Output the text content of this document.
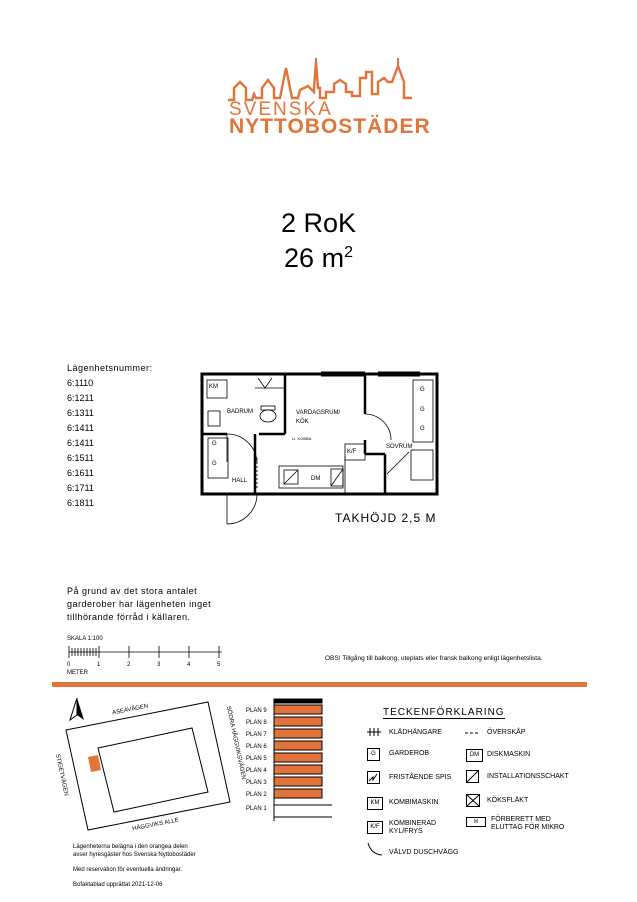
SVENSKA
NYTTOBOSTÄDER
2 RoK
26 $m^2$
Lägenhetsnummer:
6:1110
6:1211
6:1311
6:1411
6:1411
6:1511
6:1611
6:1711
6:1811
KM
BADRUM	VARDAGSRUM/
KÖK
LI. KOBBA
SOVRUM
HALL
G
G
G
G
G
K/F
DM
TAKHÖJD 2,5 M
På grund av det stora antalet
garderober har lägenheten inget
tillhörande förråd i källaren.
SKALA 1:100
0	1	2	3	4	5
METER
OBS! Tillgång till balkong, uteplats eller fransk balkong enligt lägenhetslista.
ASEAVÄGEN	SÖDRA HÄGGVIKSVÄGEN
STIGETVÄGEN
HÄGGVIKS ALLE
Lägenheterna belägna i den orangea delen
avser hyresgäster hos Svenska Nyttobostäder
Med reservation för eventuella ändringar.
Bofaktablad upprättat 2021-12-06
PLAN 9
PLAN 8
PLAN 7
PLAN 6
PLAN 5
PLAN 4
PLAN 3
PLAN 2
PLAN 1
TECKENFÖRKLARING
KLÄDHÄNGARE
G	GARDEROB
FRISTÅENDE SPIS
KM	KOMBIMASKIN
K/F	KOMBINERAD
KYL/FRYS
VÄLVD DUSCHVÄGG
ÖVERSKÅP
DM	DISKMASKIN
INSTALLATIONSSCHAKT
KÖKSFLÄKT
M	FÖRBERETT MED
ELUTTAG FÖR MIKRO
